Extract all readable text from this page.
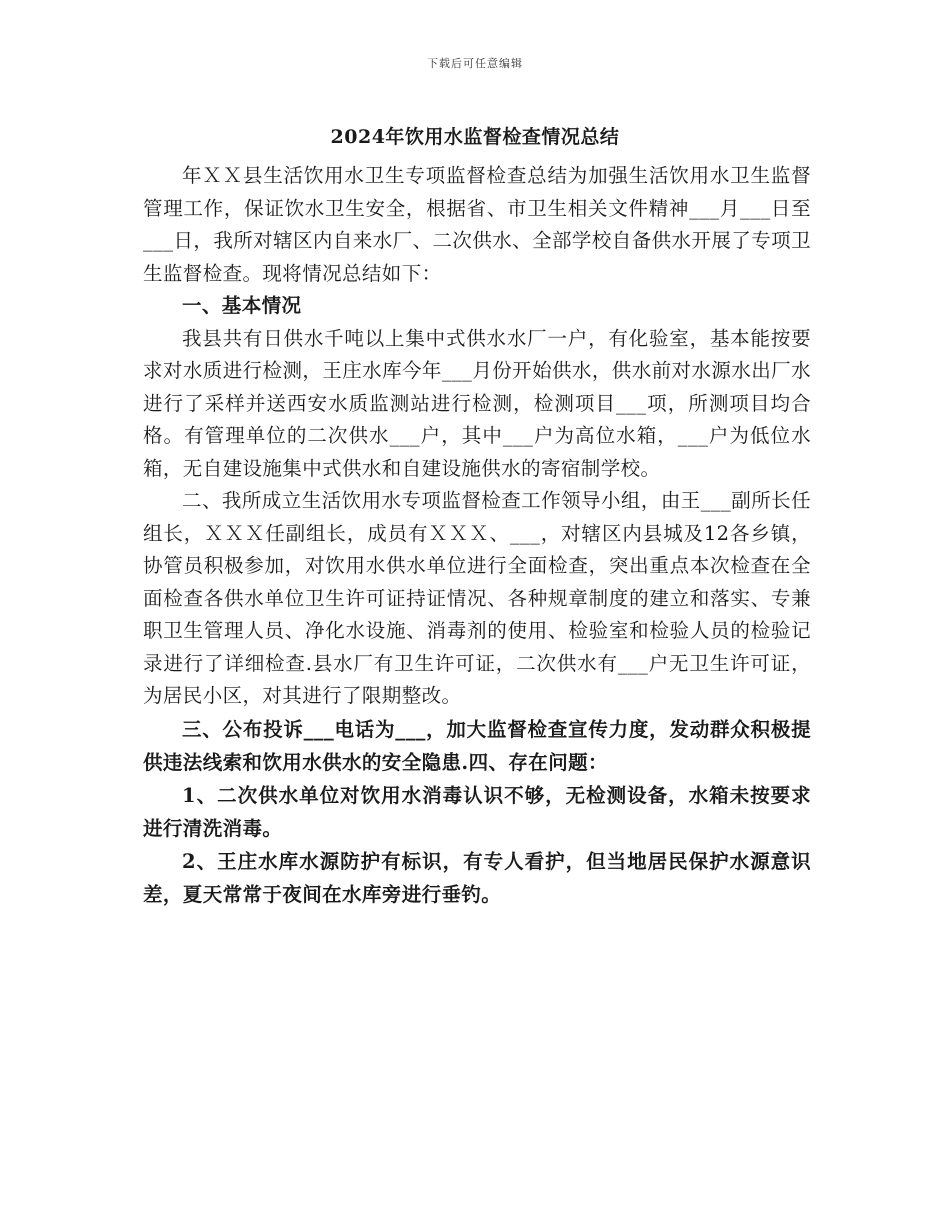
下载后可任意编辑
2024年饮用水监督检查情况总结

年ＸＸ县生活饮用水卫生专项监督检查总结为加强生活饮用水卫生监督管理工作，保证饮水卫生安全，根据省、市卫生相关文件精神___月___日至___日，我所对辖区内自来水厂、二次供水、全部学校自备供水开展了专项卫生监督检查。现将情况总结如下：

一、基本情况

我县共有日供水千吨以上集中式供水水厂一户，有化验室，基本能按要求对水质进行检测，王庄水库今年___月份开始供水，供水前对水源水出厂水进行了采样并送西安水质监测站进行检测，检测项目___项，所测项目均合格。有管理单位的二次供水___户，其中___户为高位水箱，___户为低位水箱，无自建设施集中式供水和自建设施供水的寄宿制学校。

二、我所成立生活饮用水专项监督检查工作领导小组，由王___副所长任组长，ＸＸＸ任副组长，成员有ＸＸＸ、___，对辖区内县城及12各乡镇，协管员积极参加，对饮用水供水单位进行全面检查，突出重点本次检查在全面检查各供水单位卫生许可证持证情况、各种规章制度的建立和落实、专兼职卫生管理人员、净化水设施、消毒剂的使用、检验室和检验人员的检验记录进行了详细检查.县水厂有卫生许可证，二次供水有___户无卫生许可证，为居民小区，对其进行了限期整改。

三、公布投诉___电话为___，加大监督检查宣传力度，发动群众积极提供违法线索和饮用水供水的安全隐患.四、存在问题：

1、二次供水单位对饮用水消毒认识不够，无检测设备，水箱未按要求进行清洗消毒。

2、王庄水库水源防护有标识，有专人看护，但当地居民保护水源意识差，夏天常常于夜间在水库旁进行垂钓。
